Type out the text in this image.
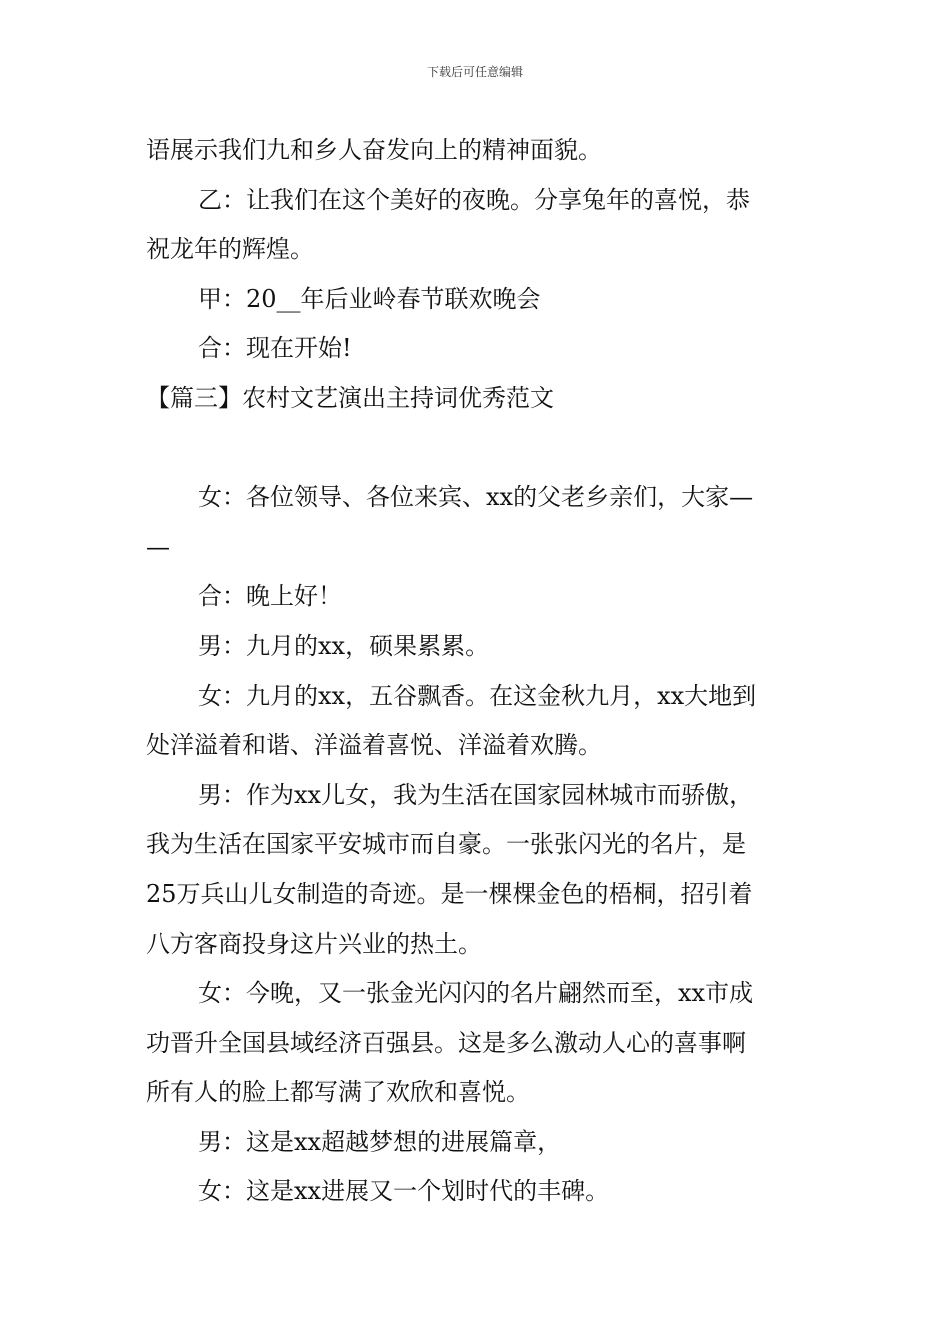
下载后可任意编辑

语展示我们九和乡人奋发向上的精神面貌。

乙：让我们在这个美好的夜晚。分享兔年的喜悦，恭

祝龙年的辉煌。

甲：20__年后业岭春节联欢晚会

合：现在开始!

【篇三】农村文艺演出主持词优秀范文

女：各位领导、各位来宾、xx的父老乡亲们，大家—

—

合：晚上好！

男：九月的xx，硕果累累。

女：九月的xx，五谷飘香。在这金秋九月，xx大地到

处洋溢着和谐、洋溢着喜悦、洋溢着欢腾。

男：作为xx儿女，我为生活在国家园林城市而骄傲，

我为生活在国家平安城市而自豪。一张张闪光的名片，是

25万兵山儿女制造的奇迹。是一棵棵金色的梧桐，招引着

八方客商投身这片兴业的热土。

女：今晚，又一张金光闪闪的名片翩然而至，xx市成

功晋升全国县域经济百强县。这是多么激动人心的喜事啊

所有人的脸上都写满了欢欣和喜悦。

男：这是xx超越梦想的进展篇章，

女：这是xx进展又一个划时代的丰碑。
